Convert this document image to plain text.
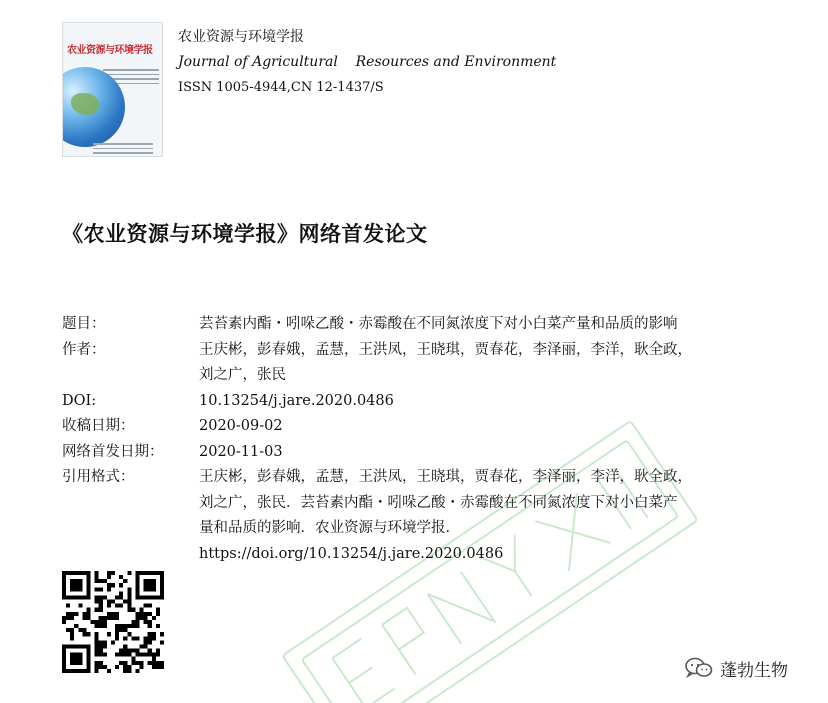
农业资源与环境学报
农业资源与环境学报
Journal of Agricultural    Resources and Environment
ISSN 1005-4944,CN 12-1437/S
《农业资源与环境学报》网络首发论文
题目：	芸苔素内酯・吲哚乙酸・赤霉酸在不同氮浓度下对小白菜产量和品质的影响
作者：	王庆彬，彭春娥，孟慧，王洪凤，王晓琪，贾春花，李泽丽，李洋，耿全政，
刘之广，张民
DOI:	10.13254/j.jare.2020.0486
收稿日期：	2020-09-02
网络首发日期：	2020-11-03
引用格式：	王庆彬，彭春娥，孟慧，王洪凤，王晓琪，贾春花，李泽丽，李洋，耿全政，
刘之广，张民．芸苔素内酯・吲哚乙酸・赤霉酸在不同氮浓度下对小白菜产
量和品质的影响．农业资源与环境学报．
https://doi.org/10.13254/j.jare.2020.0486
蓬勃生物
